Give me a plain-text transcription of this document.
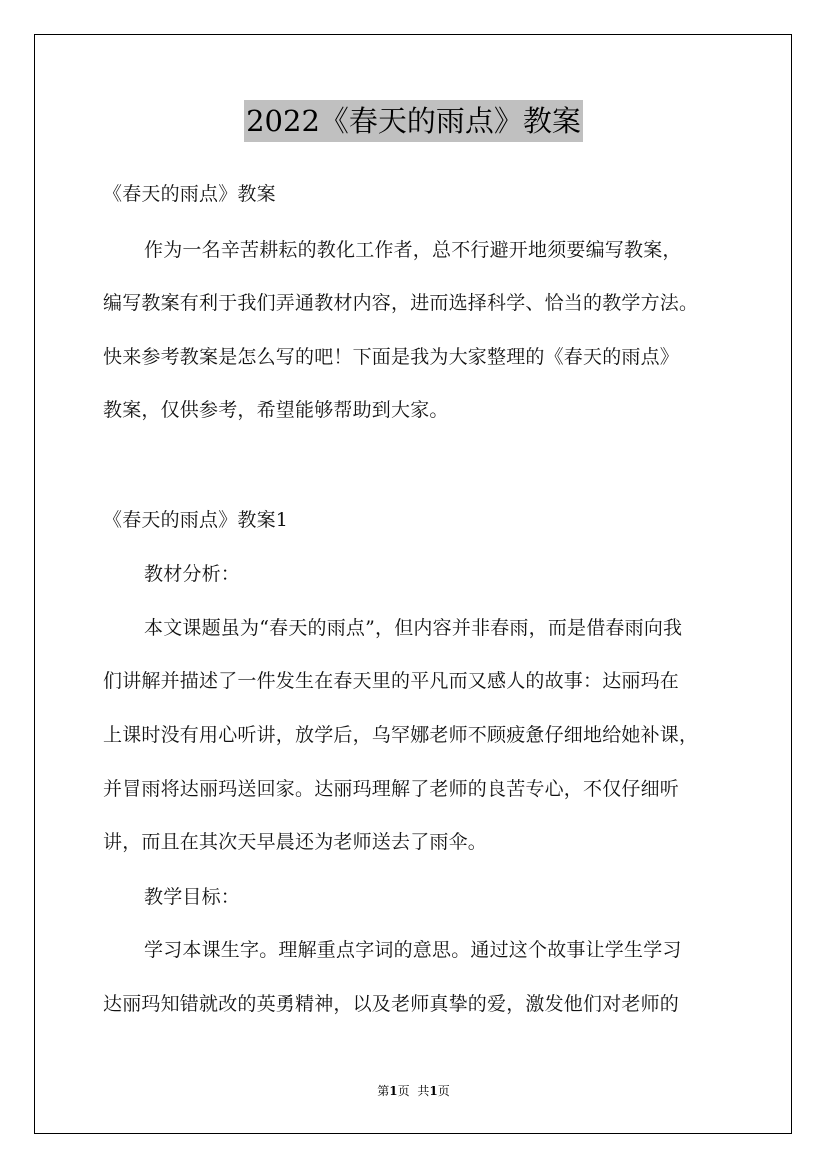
2022《春天的雨点》教案
《春天的雨点》教案
作为一名辛苦耕耘的教化工作者，总不行避开地须要编写教案，
编写教案有利于我们弄通教材内容，进而选择科学、恰当的教学方法。
快来参考教案是怎么写的吧！下面是我为大家整理的《春天的雨点》
教案，仅供参考，希望能够帮助到大家。
《春天的雨点》教案1
教材分析：
本文课题虽为“春天的雨点”，但内容并非春雨，而是借春雨向我
们讲解并描述了一件发生在春天里的平凡而又感人的故事：达丽玛在
上课时没有用心听讲，放学后，乌罕娜老师不顾疲惫仔细地给她补课，
并冒雨将达丽玛送回家。达丽玛理解了老师的良苦专心，不仅仔细听
讲，而且在其次天早晨还为老师送去了雨伞。
教学目标：
学习本课生字。理解重点字词的意思。通过这个故事让学生学习
达丽玛知错就改的英勇精神，以及老师真挚的爱，激发他们对老师的
第1页 共1页
